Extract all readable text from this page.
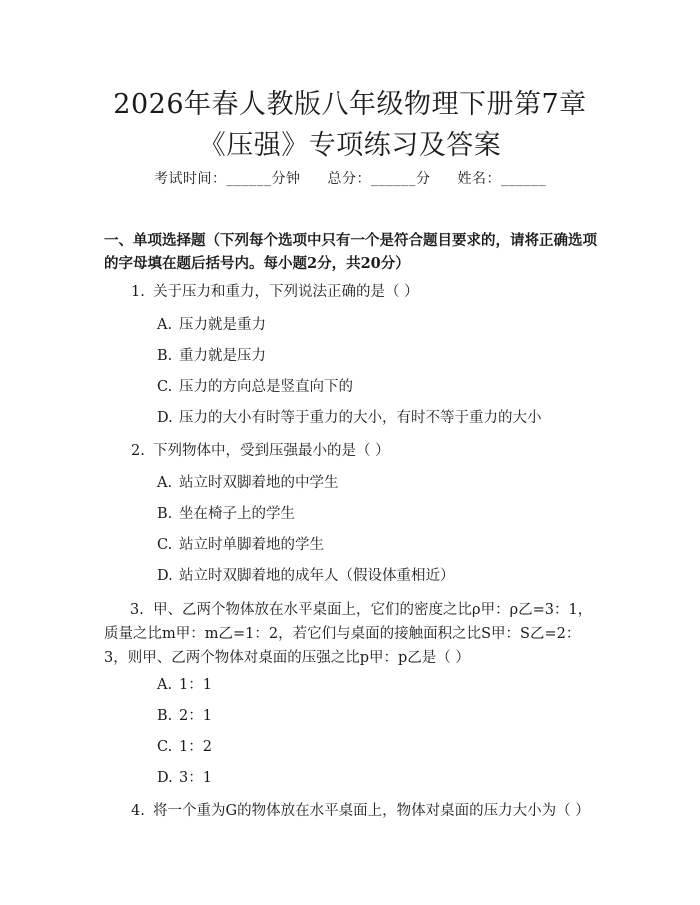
2026年春人教版八年级物理下册第7章《压强》专项练习及答案
考试时间：______分钟 总分：______分 姓名：______
一、单项选择题（下列每个选项中只有一个是符合题目要求的，请将正确选项的字母填在题后括号内。每小题2分，共20分）
1. 关于压力和重力，下列说法正确的是（ ）
A. 压力就是重力
B. 重力就是压力
C. 压力的方向总是竖直向下的
D. 压力的大小有时等于重力的大小，有时不等于重力的大小
2. 下列物体中，受到压强最小的是（ ）
A. 站立时双脚着地的中学生
B. 坐在椅子上的学生
C. 站立时单脚着地的学生
D. 站立时双脚着地的成年人（假设体重相近）
3. 甲、乙两个物体放在水平桌面上，它们的密度之比ρ甲：ρ乙=3：1，质量之比m甲：m乙=1：2，若它们与桌面的接触面积之比S甲：S乙=2：3，则甲、乙两个物体对桌面的压强之比p甲：p乙是（ ）
A. 1：1
B. 2：1
C. 1：2
D. 3：1
4. 将一个重为G的物体放在水平桌面上，物体对桌面的压力大小为（ ）
